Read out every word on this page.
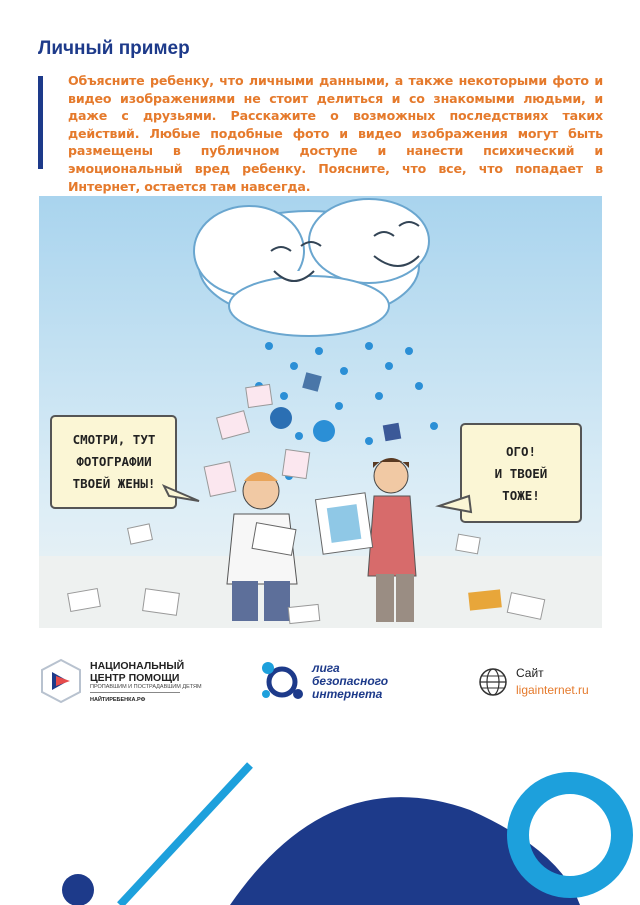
Личный пример
Объясните ребенку, что личными данными, а также некоторыми фото и видео изображениями не стоит делиться и со знакомыми людьми, и даже с друзьями. Расскажите о возможных последствиях таких действий. Любые подобные фото и видео изображения могут быть размещены в публичном доступе и нанести психический и эмоциональный вред ребенку. Поясните, что все, что попадает в Интернет, остается там навсегда.
СМОТРИ, ТУТ
ФОТОГРАФИИ
ТВОЕЙ ЖЕНЫ!
ОГО!
И ТВОЕЙ
ТОЖЕ!
НАЦИОНАЛЬНЫЙ
ЦЕНТР ПОМОЩИ
ПРОПАВШИМ И ПОСТРАДАВШИМ ДЕТЯМ
НАЙТИРЕБЕНКА.РФ
лига
безопасного
интернета
Сайт
ligainternet.ru
